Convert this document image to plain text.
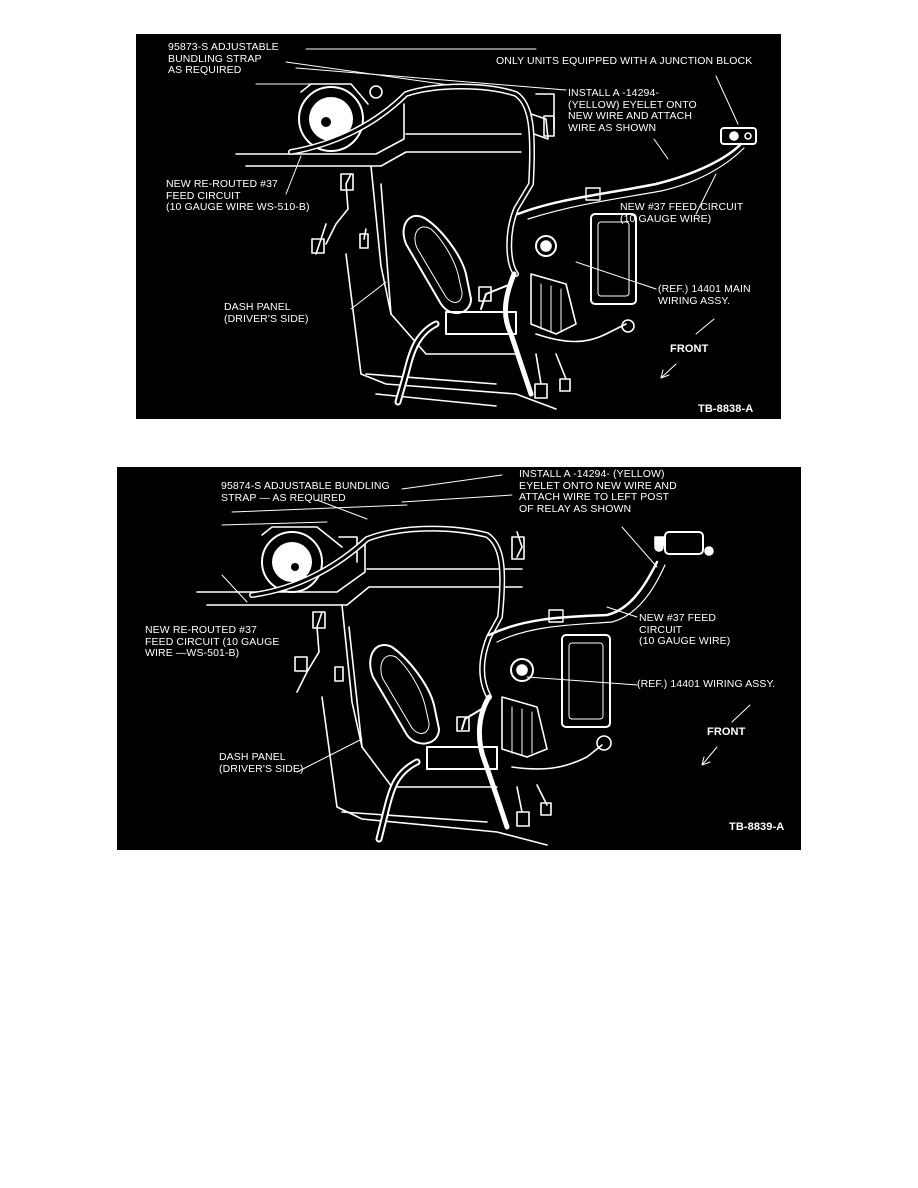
95873-S ADJUSTABLE
BUNDLING STRAP
AS REQUIRED
ONLY UNITS EQUIPPED WITH A JUNCTION BLOCK
INSTALL A -14294-
(YELLOW) EYELET ONTO
NEW WIRE AND ATTACH
WIRE AS SHOWN
NEW RE-ROUTED #37
FEED CIRCUIT
(10 GAUGE WIRE WS-510-B)	NEW #37 FEED CIRCUIT
(10 GAUGE WIRE)
(REF.) 14401 MAIN
WIRING ASSY.
DASH PANEL
(DRIVER'S SIDE)
FRONT
TB-8838-A
95874-S ADJUSTABLE BUNDLING
STRAP — AS REQUIRED
INSTALL A -14294- (YELLOW)
EYELET ONTO NEW WIRE AND
ATTACH WIRE TO LEFT POST
OF RELAY AS SHOWN
NEW RE-ROUTED #37
FEED CIRCUIT (10 GAUGE
WIRE —WS-501-B)
NEW #37 FEED
CIRCUIT
(10 GAUGE WIRE)
(REF.) 14401 WIRING ASSY.
DASH PANEL
(DRIVER'S SIDE)
FRONT
TB-8839-A
